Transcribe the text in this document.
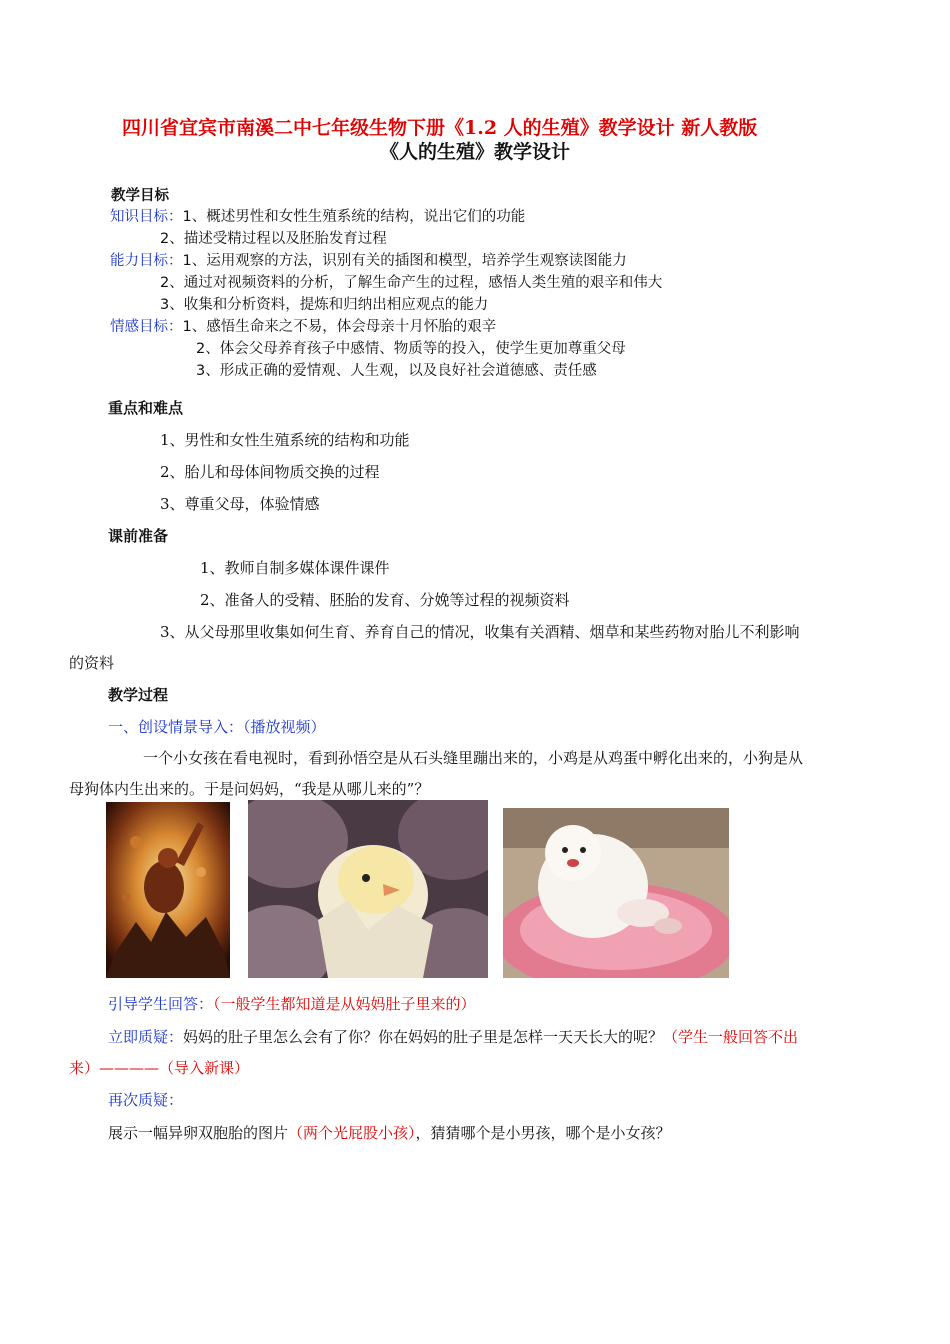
四川省宜宾市南溪二中七年级生物下册《1.2 人的生殖》教学设计 新人教版
《人的生殖》教学设计
教学目标
知识目标：1、概述男性和女性生殖系统的结构，说出它们的功能
2、描述受精过程以及胚胎发育过程
能力目标：1、运用观察的方法，识别有关的插图和模型，培养学生观察读图能力
2、通过对视频资料的分析，了解生命产生的过程，感悟人类生殖的艰辛和伟大
3、收集和分析资料，提炼和归纳出相应观点的能力
情感目标：1、感悟生命来之不易，体会母亲十月怀胎的艰辛
2、体会父母养育孩子中感情、物质等的投入，使学生更加尊重父母
3、形成正确的爱情观、人生观，以及良好社会道德感、责任感
重点和难点
1、男性和女性生殖系统的结构和功能
2、胎儿和母体间物质交换的过程
3、尊重父母，体验情感
课前准备
1、教师自制多媒体课件课件
2、准备人的受精、胚胎的发育、分娩等过程的视频资料
3、从父母那里收集如何生育、养育自己的情况，收集有关酒精、烟草和某些药物对胎儿不利影响
的资料
教学过程
一、创设情景导入：（播放视频）
一个小女孩在看电视时，看到孙悟空是从石头缝里蹦出来的，小鸡是从鸡蛋中孵化出来的，小狗是从
母狗体内生出来的。于是问妈妈，“我是从哪儿来的”？
引导学生回答：（一般学生都知道是从妈妈肚子里来的）
立即质疑：妈妈的肚子里怎么会有了你？你在妈妈的肚子里是怎样一天天长大的呢？（学生一般回答不出
来）————（导入新课）
再次质疑：
展示一幅异卵双胞胎的图片（两个光屁股小孩），猜猜哪个是小男孩，哪个是小女孩？
